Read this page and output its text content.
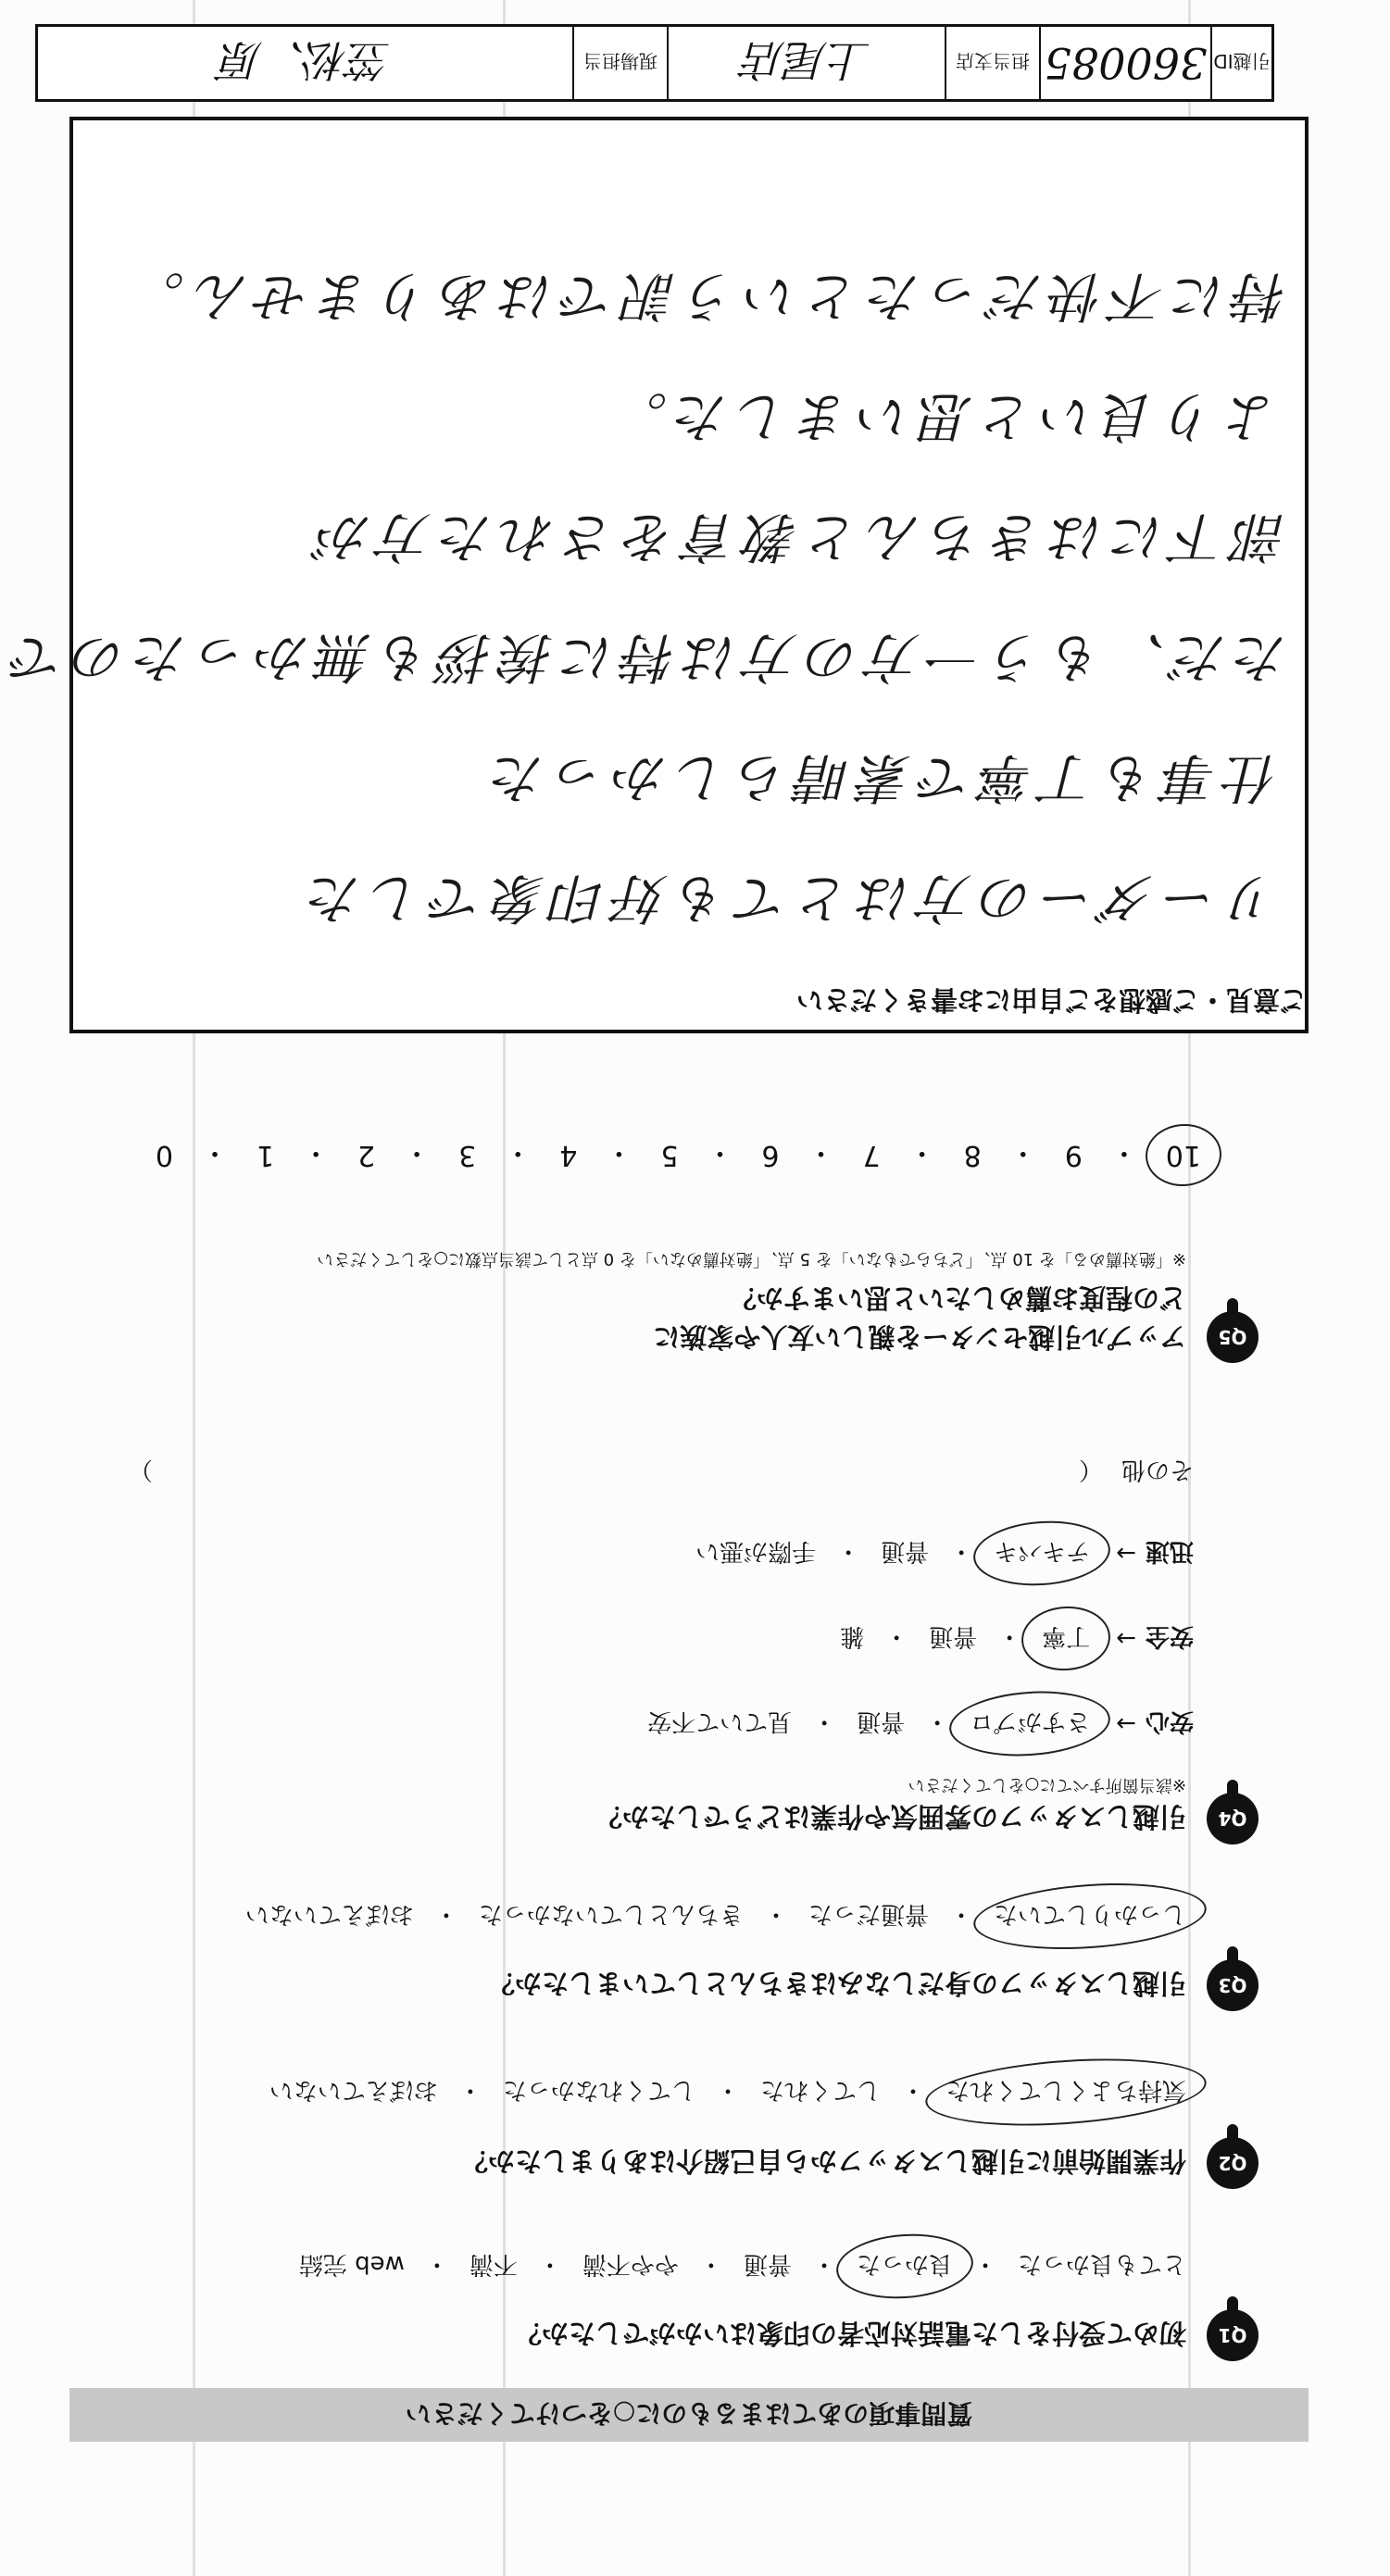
引越ID
360085
担当支店
上尾店
現場担当
笠松、原
質問事項のあてはまるものに○をつけてください
Q1
初めて受付をした電話対応者の印象はいかがでしたか？
とても良かった
・
良かった
・
普通
・
やや不満
・
不満
・
web 完結
Q2
作業開始前に引越しスタッフから自己紹介はありましたか？
気持ちよくしてくれた
・
してくれた
・
してくれなかった
・
おぼえていない
Q3
引越しスタッフの身だしなみはきちんとしていましたか？
しっかりしていた
・
普通だった
・
きちんとしていなかった
・
おぼえていない
Q4
引越しスタッフの雰囲気や作業はどうでしたか？
※該当箇所すべてに○をしてください
安心
→
さすがプロ
・
普通
・
見ていて不安
安全
→
丁寧
・
普通
・
雑
迅速
→
テキパキ
・
普通
・
手際が悪い
その他
（
）
Q5
アップル引越センターを親しい友人や家族に
どの程度お薦めしたいと思いますか？
※「絶対薦める」を 10 点、「どちらでもない」を 5 点、「絶対薦めない」を 0 点として該当点数に○をしてください
10
・
9
・
8
・
7
・
6
・
5
・
4
・
3
・
2
・
1
・
0
ご意見・ご感想をご自由にお書きください
リーダーの方はとても好印象でした
仕事も丁寧で素晴らしかった
ただ、もう一方の方は特に挨拶も無かったので
部下にはきちんと教育をされた方が
より良いと思いました。
特に不快だったという訳ではありません。
